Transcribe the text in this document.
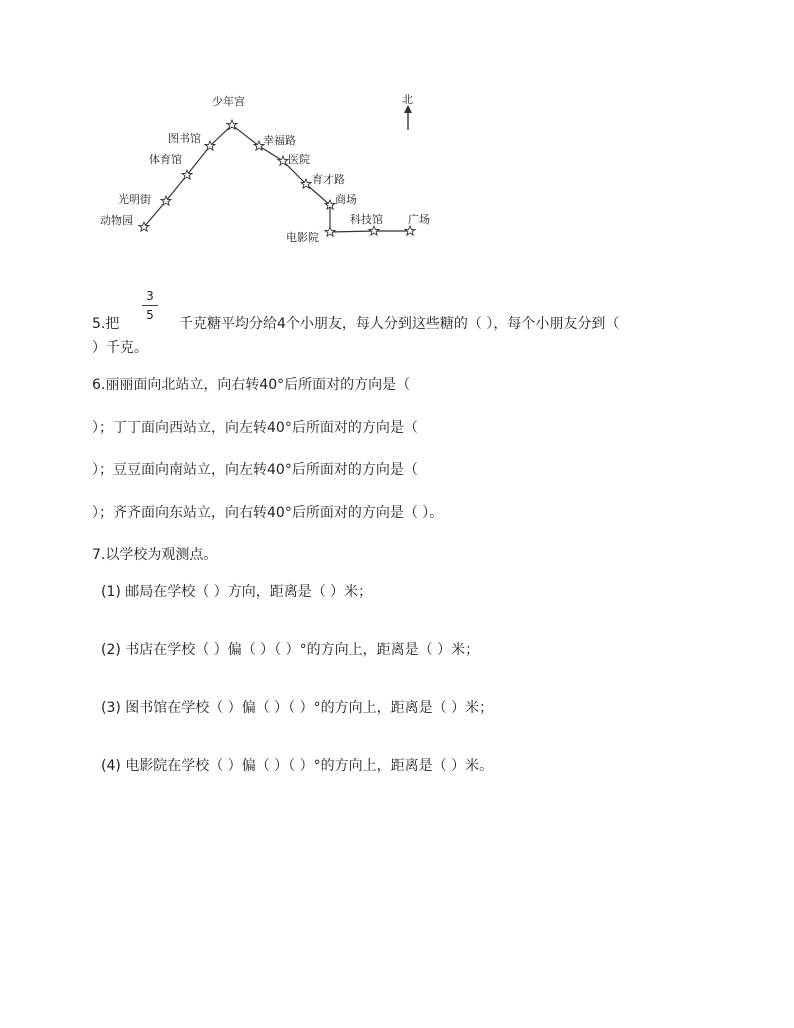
北
少年宫
图书馆
体育馆
光明街
动物园
幸福路
医院
育才路
商场
电影院
科技馆 广场
5.把
3
5
千克糖平均分给4个小朋友，每人分到这些糖的（ ），每个小朋友分到（
）千克。
6.丽丽面向北站立，向右转40°后所面对的方向是（
）；丁丁面向西站立，向左转40°后所面对的方向是（
）；豆豆面向南站立，向左转40°后所面对的方向是（
）；齐齐面向东站立，向右转40°后所面对的方向是（ ）。
7.以学校为观测点。
(1) 邮局在学校（ ）方向，距离是（ ）米；
(2) 书店在学校（ ）偏（ ）（ ）°的方向上，距离是（ ）米；
(3) 图书馆在学校（ ）偏（ ）（ ）°的方向上，距离是（ ）米；
(4) 电影院在学校（ ）偏（ ）（ ）°的方向上，距离是（ ）米。
